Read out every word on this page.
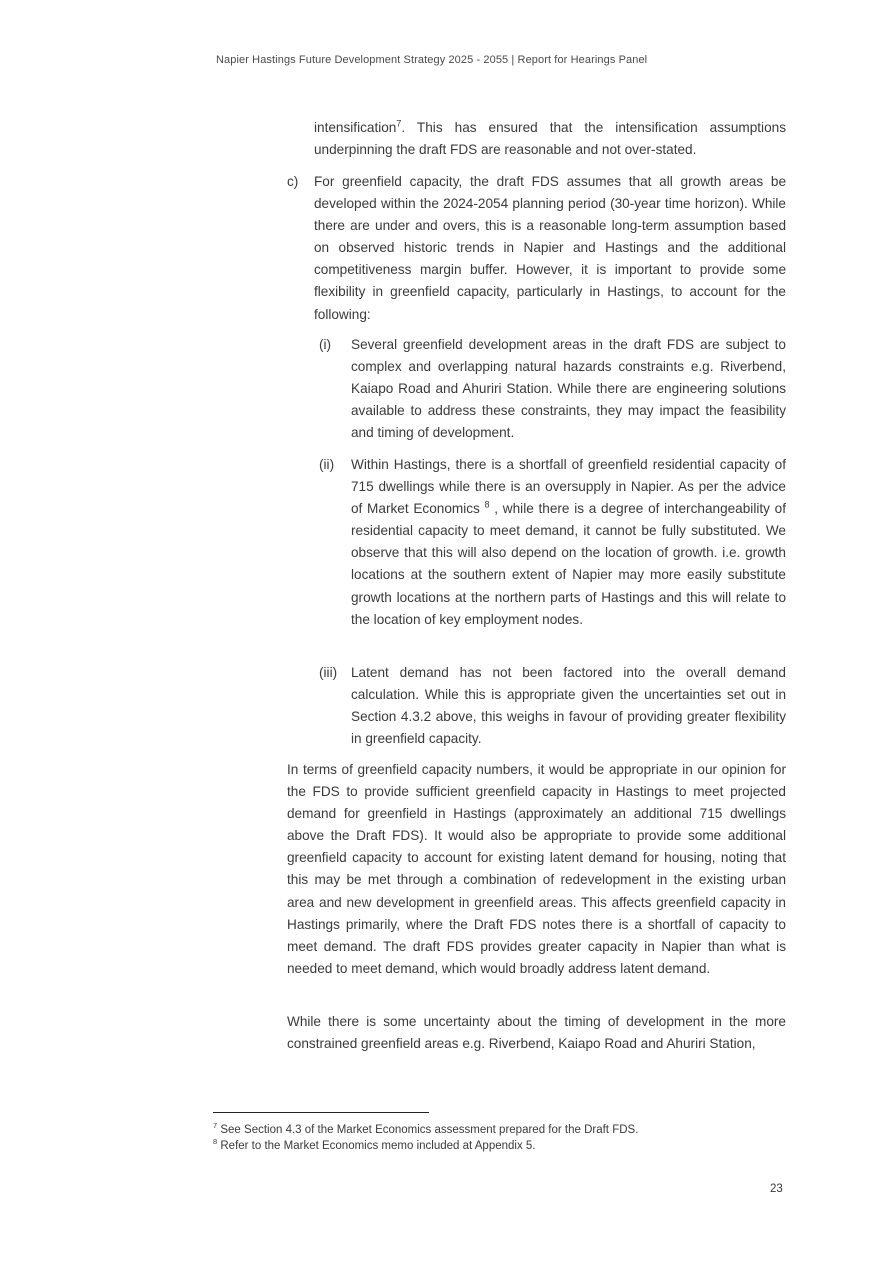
Napier Hastings Future Development Strategy 2025 - 2055 | Report for Hearings Panel

intensification$^7$. This has ensured that the intensification assumptions underpinning the draft FDS are reasonable and not over-stated.

c) For greenfield capacity, the draft FDS assumes that all growth areas be developed within the 2024-2054 planning period (30-year time horizon). While there are under and overs, this is a reasonable long-term assumption based on observed historic trends in Napier and Hastings and the additional competitiveness margin buffer. However, it is important to provide some flexibility in greenfield capacity, particularly in Hastings, to account for the following:

(i) Several greenfield development areas in the draft FDS are subject to complex and overlapping natural hazards constraints e.g. Riverbend, Kaiapo Road and Ahuriri Station. While there are engineering solutions available to address these constraints, they may impact the feasibility and timing of development.

(ii) Within Hastings, there is a shortfall of greenfield residential capacity of 715 dwellings while there is an oversupply in Napier. As per the advice of Market Economics $^8$ , while there is a degree of interchangeability of residential capacity to meet demand, it cannot be fully substituted. We observe that this will also depend on the location of growth. i.e. growth locations at the southern extent of Napier may more easily substitute growth locations at the northern parts of Hastings and this will relate to the location of key employment nodes.

(iii) Latent demand has not been factored into the overall demand calculation. While this is appropriate given the uncertainties set out in Section 4.3.2 above, this weighs in favour of providing greater flexibility in greenfield capacity.

In terms of greenfield capacity numbers, it would be appropriate in our opinion for the FDS to provide sufficient greenfield capacity in Hastings to meet projected demand for greenfield in Hastings (approximately an additional 715 dwellings above the Draft FDS). It would also be appropriate to provide some additional greenfield capacity to account for existing latent demand for housing, noting that this may be met through a combination of redevelopment in the existing urban area and new development in greenfield areas. This affects greenfield capacity in Hastings primarily, where the Draft FDS notes there is a shortfall of capacity to meet demand. The draft FDS provides greater capacity in Napier than what is needed to meet demand, which would broadly address latent demand.

While there is some uncertainty about the timing of development in the more constrained greenfield areas e.g. Riverbend, Kaiapo Road and Ahuriri Station,

$^7$ See Section 4.3 of the Market Economics assessment prepared for the Draft FDS.
$^8$ Refer to the Market Economics memo included at Appendix 5.
23
